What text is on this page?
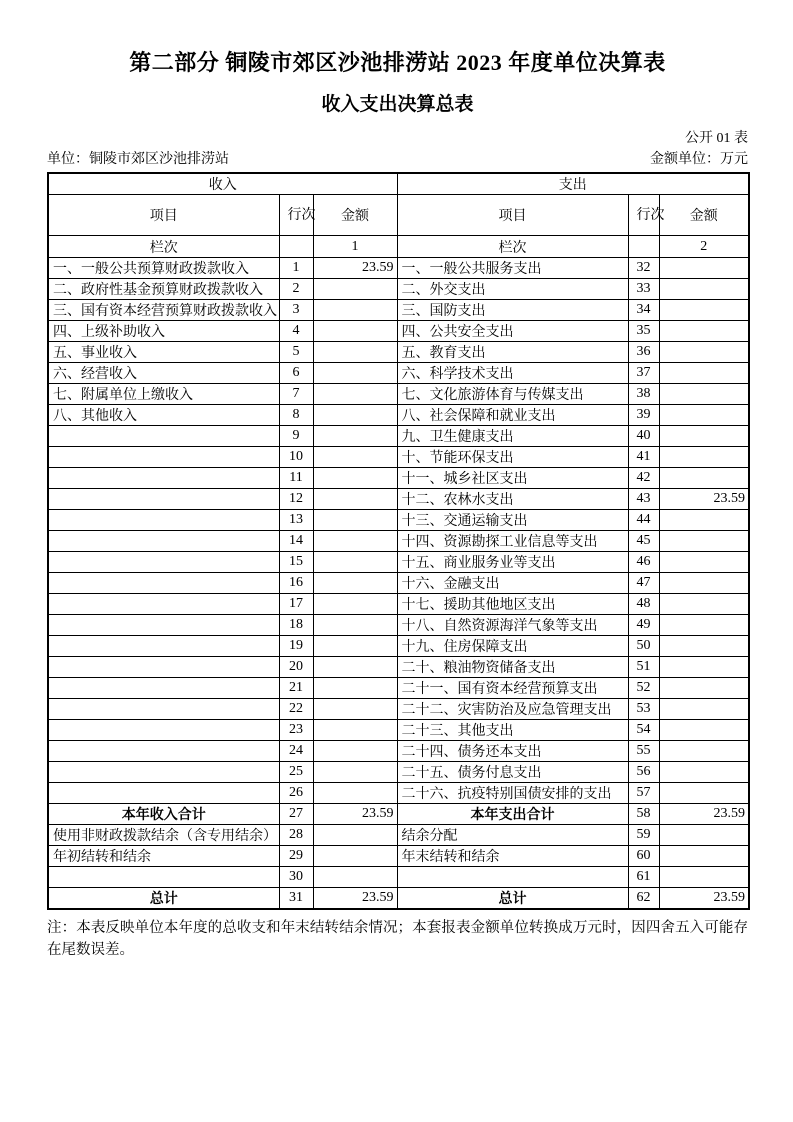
第二部分 铜陵市郊区沙池排涝站 2023 年度单位决算表
收入支出决算总表
公开 01 表
单位：铜陵市郊区沙池排涝站	金额单位：万元
收入			支出		
项目	行次	金额	项目	行次	金额
栏次		1	栏次		2
一、一般公共预算财政拨款收入	1	23.59	一、一般公共服务支出	32	
二、政府性基金预算财政拨款收入	2		二、外交支出	33	
三、国有资本经营预算财政拨款收入	3		三、国防支出	34	
四、上级补助收入	4		四、公共安全支出	35	
五、事业收入	5		五、教育支出	36	
六、经营收入	6		六、科学技术支出	37	
七、附属单位上缴收入	7		七、文化旅游体育与传媒支出	38	
八、其他收入	8		八、社会保障和就业支出	39	
	9		九、卫生健康支出	40	
	10		十、节能环保支出	41	
	11		十一、城乡社区支出	42	
	12		十二、农林水支出	43	23.59
	13		十三、交通运输支出	44	
	14		十四、资源勘探工业信息等支出	45	
	15		十五、商业服务业等支出	46	
	16		十六、金融支出	47	
	17		十七、援助其他地区支出	48	
	18		十八、自然资源海洋气象等支出	49	
	19		十九、住房保障支出	50	
	20		二十、粮油物资储备支出	51	
	21		二十一、国有资本经营预算支出	52	
	22		二十二、灾害防治及应急管理支出	53	
	23		二十三、其他支出	54	
	24		二十四、债务还本支出	55	
	25		二十五、债务付息支出	56	
	26		二十六、抗疫特别国债安排的支出	57	
本年收入合计	27	23.59	本年支出合计	58	23.59
使用非财政拨款结余（含专用结余）	28		结余分配	59	
年初结转和结余	29		年末结转和结余	60	
	30			61	
总计	31	23.59	总计	62	23.59
注：本表反映单位本年度的总收支和年末结转结余情况；本套报表金额单位转换成万元时，因四舍五入可能存在尾数误差。
